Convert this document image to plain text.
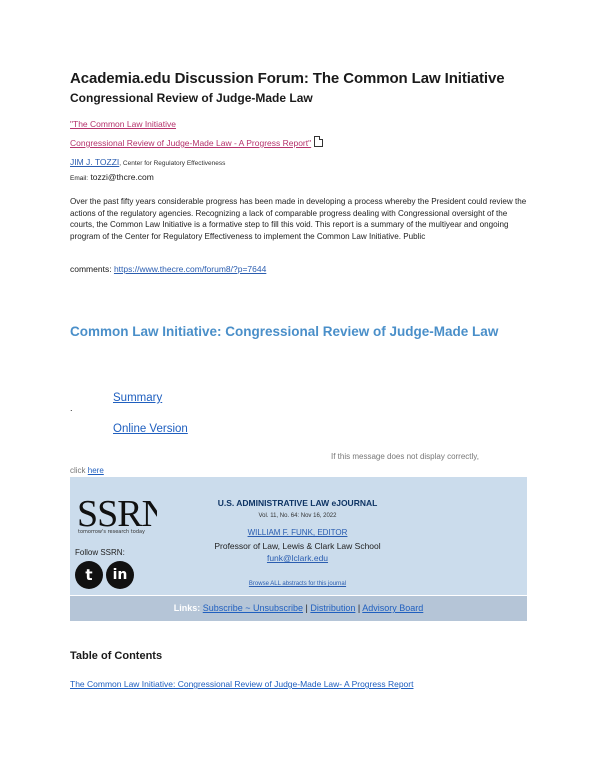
Academia.edu Discussion Forum: The Common Law Initiative
Congressional Review of Judge-Made Law
"The Common Law Initiative
Congressional Review of Judge-Made Law - A Progress Report"
JIM J. TOZZI, Center for Regulatory Effectiveness
Email: tozzi@thcre.com
Over the past fifty years considerable progress has been made in developing a process whereby the President could review the actions of the regulatory agencies. Recognizing a lack of comparable progress dealing with Congressional oversight of the courts, the Common Law Initiative is a formative step to fill this void. This report is a summary of the multiyear and ongoing program of the Center for Regulatory Effectiveness to implement the Common Law Initiative. Public
comments: https://www.thecre.com/forum8/?p=7644
Common Law Initiative: Congressional Review of Judge-Made Law
Summary
.
Online Version
If this message does not display correctly,
click here
SSRN
tomorrow's research today
Follow SSRN:
t	in
U.S. ADMINISTRATIVE LAW eJOURNAL
Vol. 11, No. 64: Nov 16, 2022
WILLIAM F. FUNK, EDITOR
Professor of Law, Lewis & Clark Law School
funk@lclark.edu
Browse ALL abstracts for this journal
Links: Subscribe ~ Unsubscribe | Distribution | Advisory Board
Table of Contents
The Common Law Initiative: Congressional Review of Judge-Made Law- A Progress Report
